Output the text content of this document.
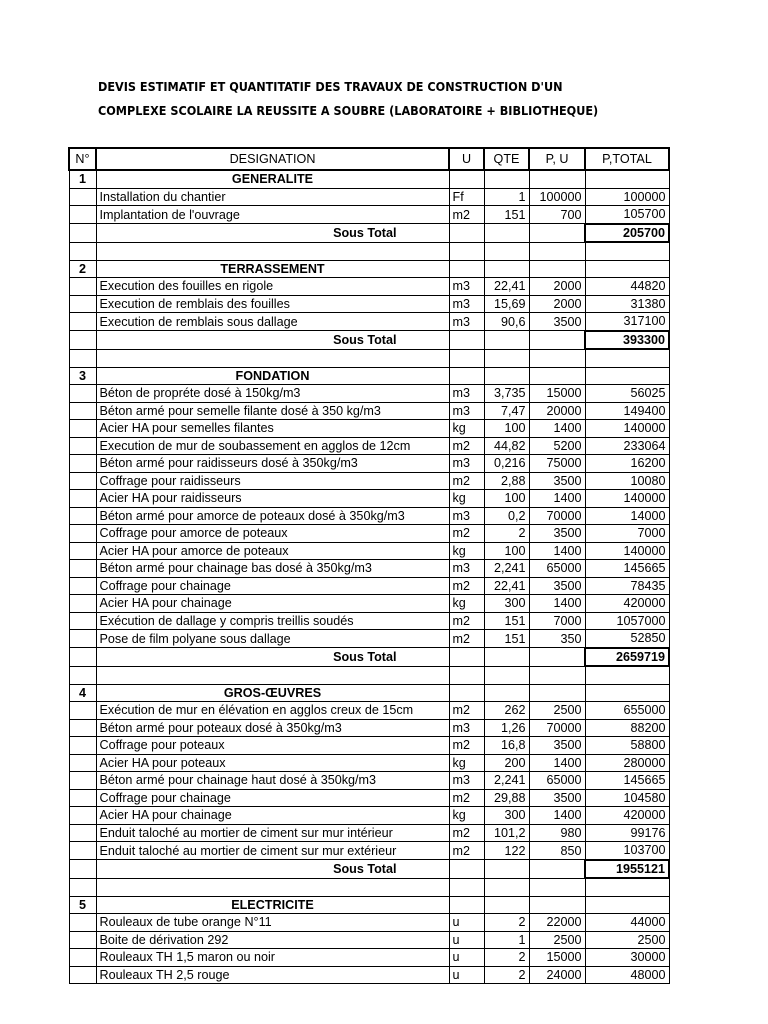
DEVIS ESTIMATIF ET QUANTITATIF DES TRAVAUX DE CONSTRUCTION D'UN
COMPLEXE SCOLAIRE LA REUSSITE A SOUBRE (LABORATOIRE + BIBLIOTHEQUE)
N°	DESIGNATION	U	QTE	P, U	P,TOTAL
1	GENERALITE				
	Installation du chantier	Ff	1	100000	100000
	Implantation de l'ouvrage	m2	151	700	105700
	Sous Total				205700

2	TERRASSEMENT				
	Execution des fouilles en rigole	m3	22,41	2000	44820
	Execution de remblais des fouilles	m3	15,69	2000	31380
	Execution de remblais sous dallage	m3	90,6	3500	317100
	Sous Total				393300

3	FONDATION				
	Béton de propréte dosé à 150kg/m3	m3	3,735	15000	56025
	Béton armé pour semelle filante dosé à 350 kg/m3	m3	7,47	20000	149400
	Acier HA pour semelles filantes	kg	100	1400	140000
	Execution de mur de soubassement en agglos de 12cm	m2	44,82	5200	233064
	Béton armé pour raidisseurs dosé à 350kg/m3	m3	0,216	75000	16200
	Coffrage pour raidisseurs	m2	2,88	3500	10080
	Acier HA pour raidisseurs	kg	100	1400	140000
	Béton armé pour amorce de poteaux dosé à 350kg/m3	m3	0,2	70000	14000
	Coffrage pour amorce de poteaux	m2	2	3500	7000
	Acier HA pour amorce de poteaux	kg	100	1400	140000
	Béton armé pour chainage bas dosé à 350kg/m3	m3	2,241	65000	145665
	Coffrage pour chainage	m2	22,41	3500	78435
	Acier HA pour chainage	kg	300	1400	420000
	Exécution de dallage y compris treillis soudés	m2	151	7000	1057000
	Pose de film polyane sous dallage	m2	151	350	52850
	Sous Total				2659719

4	GROS-ŒUVRES				
	Exécution de mur en élévation en agglos creux de 15cm	m2	262	2500	655000
	Béton armé pour poteaux dosé à 350kg/m3	m3	1,26	70000	88200
	Coffrage pour poteaux	m2	16,8	3500	58800
	Acier HA pour poteaux	kg	200	1400	280000
	Béton armé pour chainage haut dosé à 350kg/m3	m3	2,241	65000	145665
	Coffrage pour chainage	m2	29,88	3500	104580
	Acier HA pour chainage	kg	300	1400	420000
	Enduit taloché au mortier de ciment sur mur intérieur	m2	101,2	980	99176
	Enduit taloché au mortier de ciment sur mur extérieur	m2	122	850	103700
	Sous Total				1955121

5	ELECTRICITE				
	Rouleaux de tube orange N°11	u	2	22000	44000
	Boite de dérivation 292	u	1	2500	2500
	Rouleaux TH 1,5 maron ou noir	u	2	15000	30000
	Rouleaux TH 2,5 rouge	u	2	24000	48000
